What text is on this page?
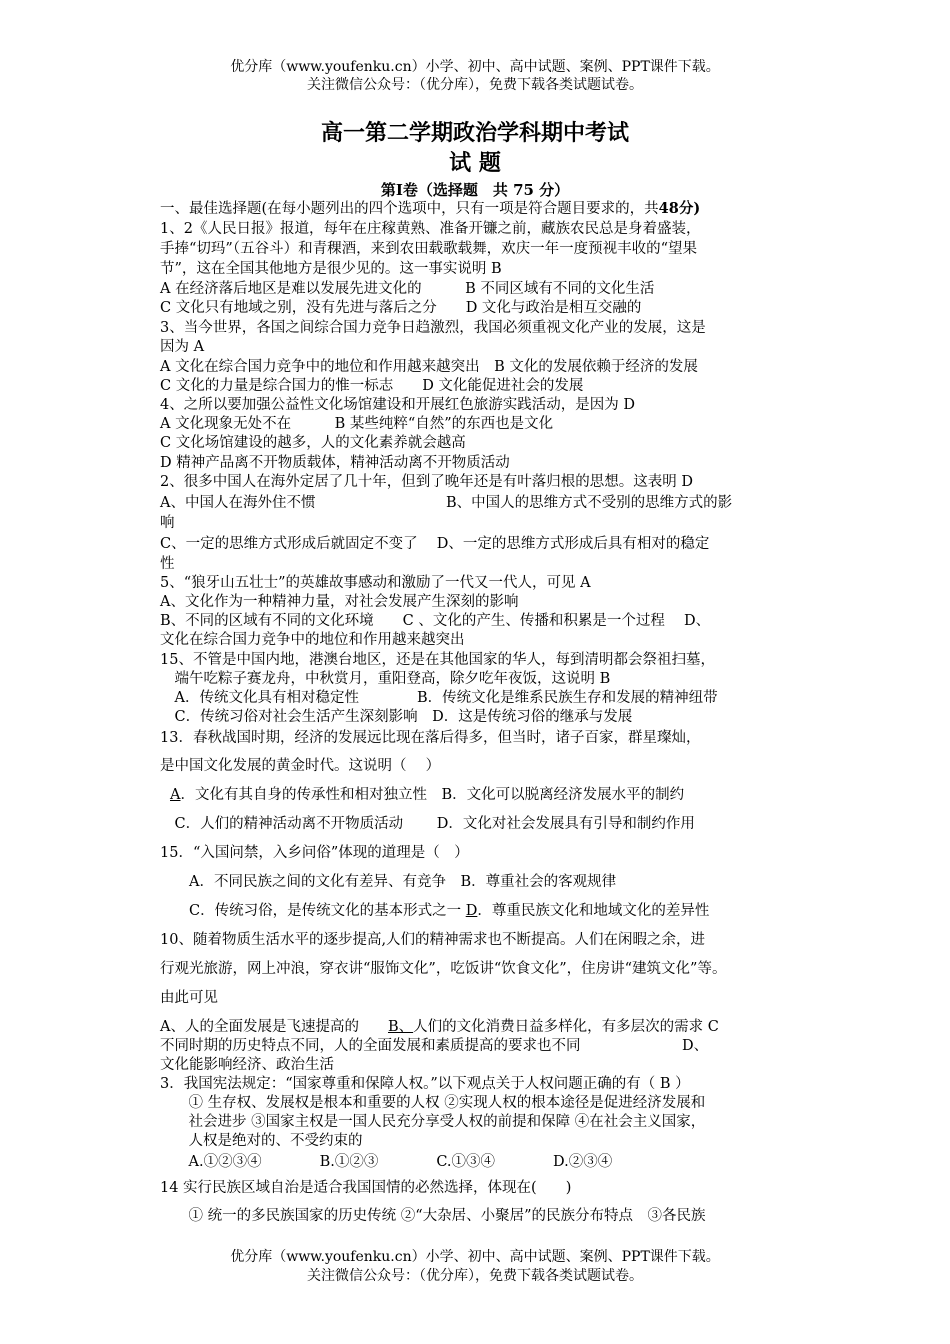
优分库（www.youfenku.cn）小学、初中、高中试题、案例、PPT课件下载。
关注微信公众号：（优分库），免费下载各类试题试卷。
高一第二学期政治学科期中考试
试 题
第Ⅰ卷（选择题　共 75 分）
一、最佳选择题(在每小题列出的四个选项中，只有一项是符合题目要求的，共48分)
1、2《人民日报》报道，每年在庄稼黄熟、准备开镰之前，藏族农民总是身着盛装，
手捧“切玛”（五谷斗）和青稞酒，来到农田载歌载舞，欢庆一年一度预视丰收的“望果
节”，这在全国其他地方是很少见的。这一事实说明 B
A 在经济落后地区是难以发展先进文化的　　　B 不同区域有不同的文化生活
C 文化只有地域之别，没有先进与落后之分　　D 文化与政治是相互交融的
3、当今世界，各国之间综合国力竞争日趋激烈，我国必须重视文化产业的发展，这是
因为 A
A 文化在综合国力竞争中的地位和作用越来越突出　B 文化的发展依赖于经济的发展
C 文化的力量是综合国力的惟一标志　　D 文化能促进社会的发展
4、之所以要加强公益性文化场馆建设和开展红色旅游实践活动，是因为 D
A 文化现象无处不在　　　B 某些纯粹“自然”的东西也是文化
C 文化场馆建设的越多，人的文化素养就会越高
D 精神产品离不开物质载体，精神活动离不开物质活动
2、很多中国人在海外定居了几十年，但到了晚年还是有叶落归根的思想。这表明 D
A、中国人在海外住不惯　　　　　　　　　B、中国人的思维方式不受别的思维方式的影
响
C、一定的思维方式形成后就固定不变了　 D、一定的思维方式形成后具有相对的稳定
性
5、“狼牙山五壮士”的英雄故事感动和激励了一代又一代人，可见 A
A、文化作为一种精神力量，对社会发展产生深刻的影响
B、不同的区域有不同的文化环境　　C 、文化的产生、传播和积累是一个过程　 D、
文化在综合国力竞争中的地位和作用越来越突出
15、不管是中国内地，港澳台地区，还是在其他国家的华人，每到清明都会祭祖扫墓，
　端午吃粽子赛龙舟，中秋赏月，重阳登高，除夕吃年夜饭，这说明 B
　A．传统文化具有相对稳定性　　　　B．传统文化是维系民族生存和发展的精神纽带
　C．传统习俗对社会生活产生深刻影响　D．这是传统习俗的继承与发展
13．春秋战国时期，经济的发展远比现在落后得多，但当时，诸子百家，群星璨灿，
是中国文化发展的黄金时代。这说明（　 ）
A．文化有其自身的传承性和相对独立性　B．文化可以脱离经济发展水平的制约
　C．人们的精神活动离不开物质活动　　 D．文化对社会发展具有引导和制约作用
15．“入国问禁，入乡问俗”体现的道理是（　）
　　A．不同民族之间的文化有差异、有竞争　B．尊重社会的客观规律
　　C．传统习俗，是传统文化的基本形式之一 D．尊重民族文化和地域文化的差异性
10、随着物质生活水平的逐步提高,人们的精神需求也不断提高。人们在闲暇之余，进
行观光旅游，网上冲浪，穿衣讲“服饰文化”，吃饭讲“饮食文化”，住房讲“建筑文化”等。
由此可见
A、人的全面发展是飞速提高的　　B、人们的文化消费日益多样化，有多层次的需求 C
不同时期的历史特点不同，人的全面发展和素质提高的要求也不同　　　　　　　D、
文化能影响经济、政治生活
3．我国宪法规定：“国家尊重和保障人权。”以下观点关于人权问题正确的有（ B ）
　① 生存权、发展权是根本和重要的人权 ②实现人权的根本途径是促进经济发展和
　社会进步 ③国家主权是一国人民充分享受人权的前提和保障 ④在社会主义国家，
　人权是绝对的、不受约束的
　A.①②③④　　　　B.①②③　　　　C.①③④　　　　D.②③④
14 实行民族区域自治是适合我国国情的必然选择，体现在(　　)
　① 统一的多民族国家的历史传统 ②“大杂居、小聚居”的民族分布特点　③各民族
优分库（www.youfenku.cn）小学、初中、高中试题、案例、PPT课件下载。
关注微信公众号：（优分库），免费下载各类试题试卷。
